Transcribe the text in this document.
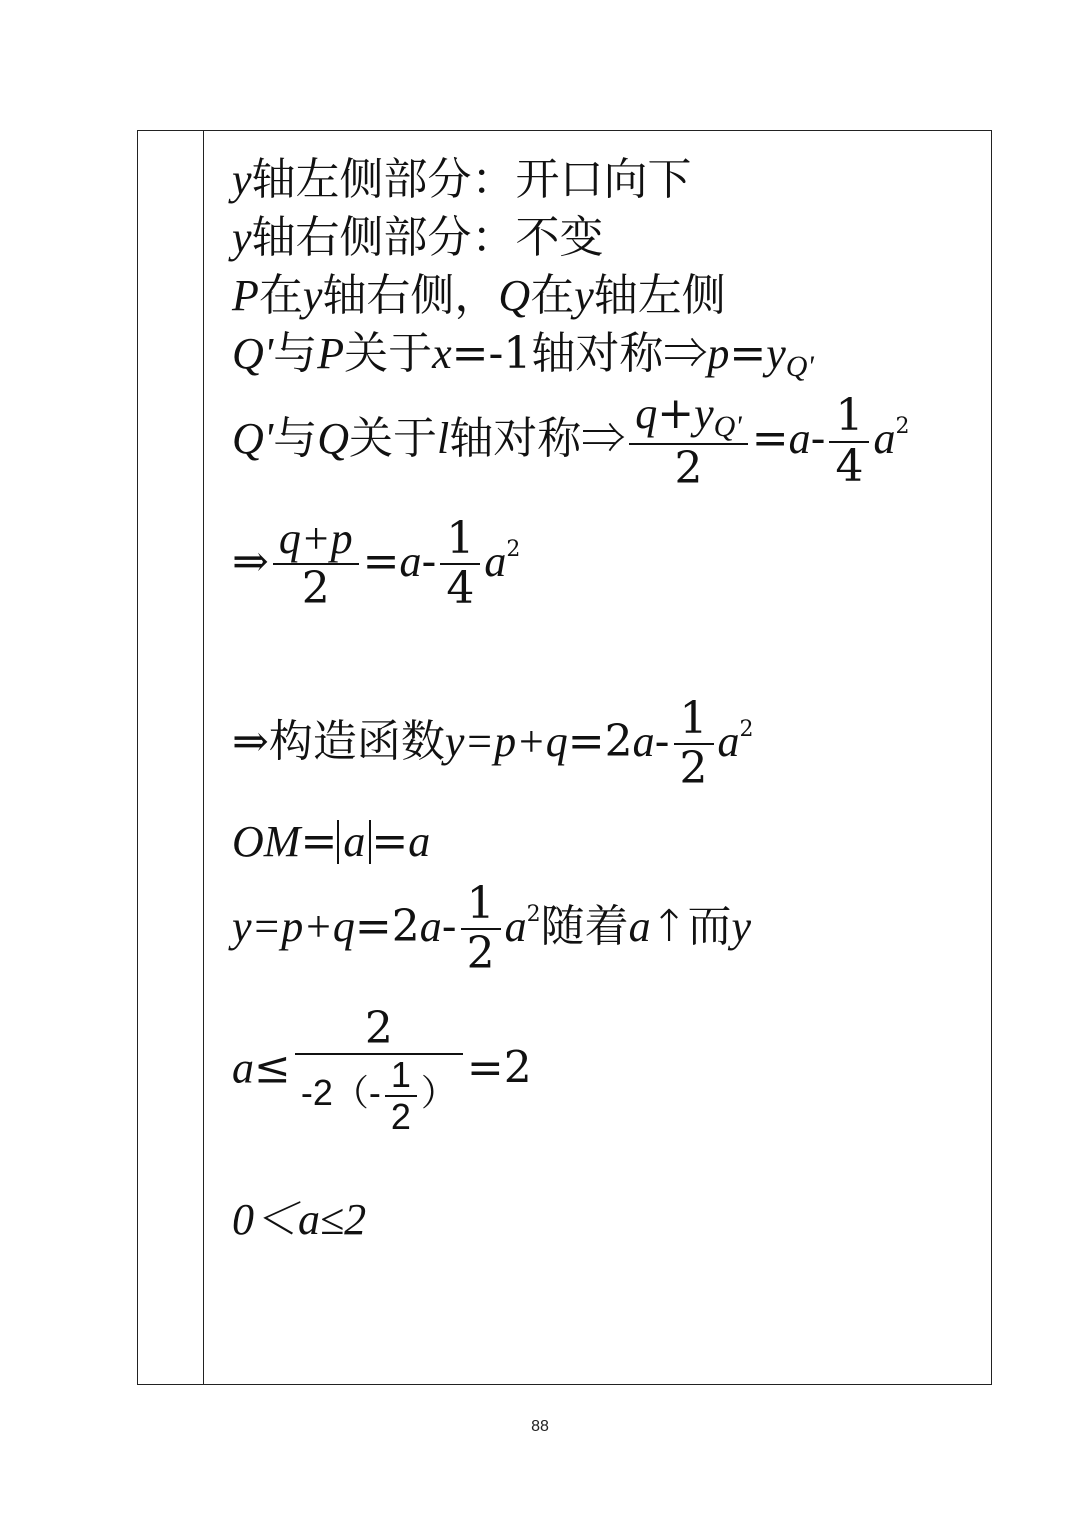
y轴左侧部分：开口向下
y轴右侧部分：不变
P在y轴右侧，Q在y轴左侧
Q'与P关于x=-1轴对称$\Rightarrow p=y_{Q'}$
Q'与Q关于l轴对称⇒ $\frac{q+y_{Q'}}{2} =a- \frac{1}{4} a^2$
⇒ $\frac{q+p}{2} =a- \frac{1}{4} a^2$
⇒构造函数$y=p+q=2a- \frac{1}{2} a^2$
OM= a =a
$y=p+q=2a- \frac{1}{2} a^2$随着a↑而y
$a\le \frac{2}{-2(- \frac{1}{2} )} =2$
0＜a≤2
88
